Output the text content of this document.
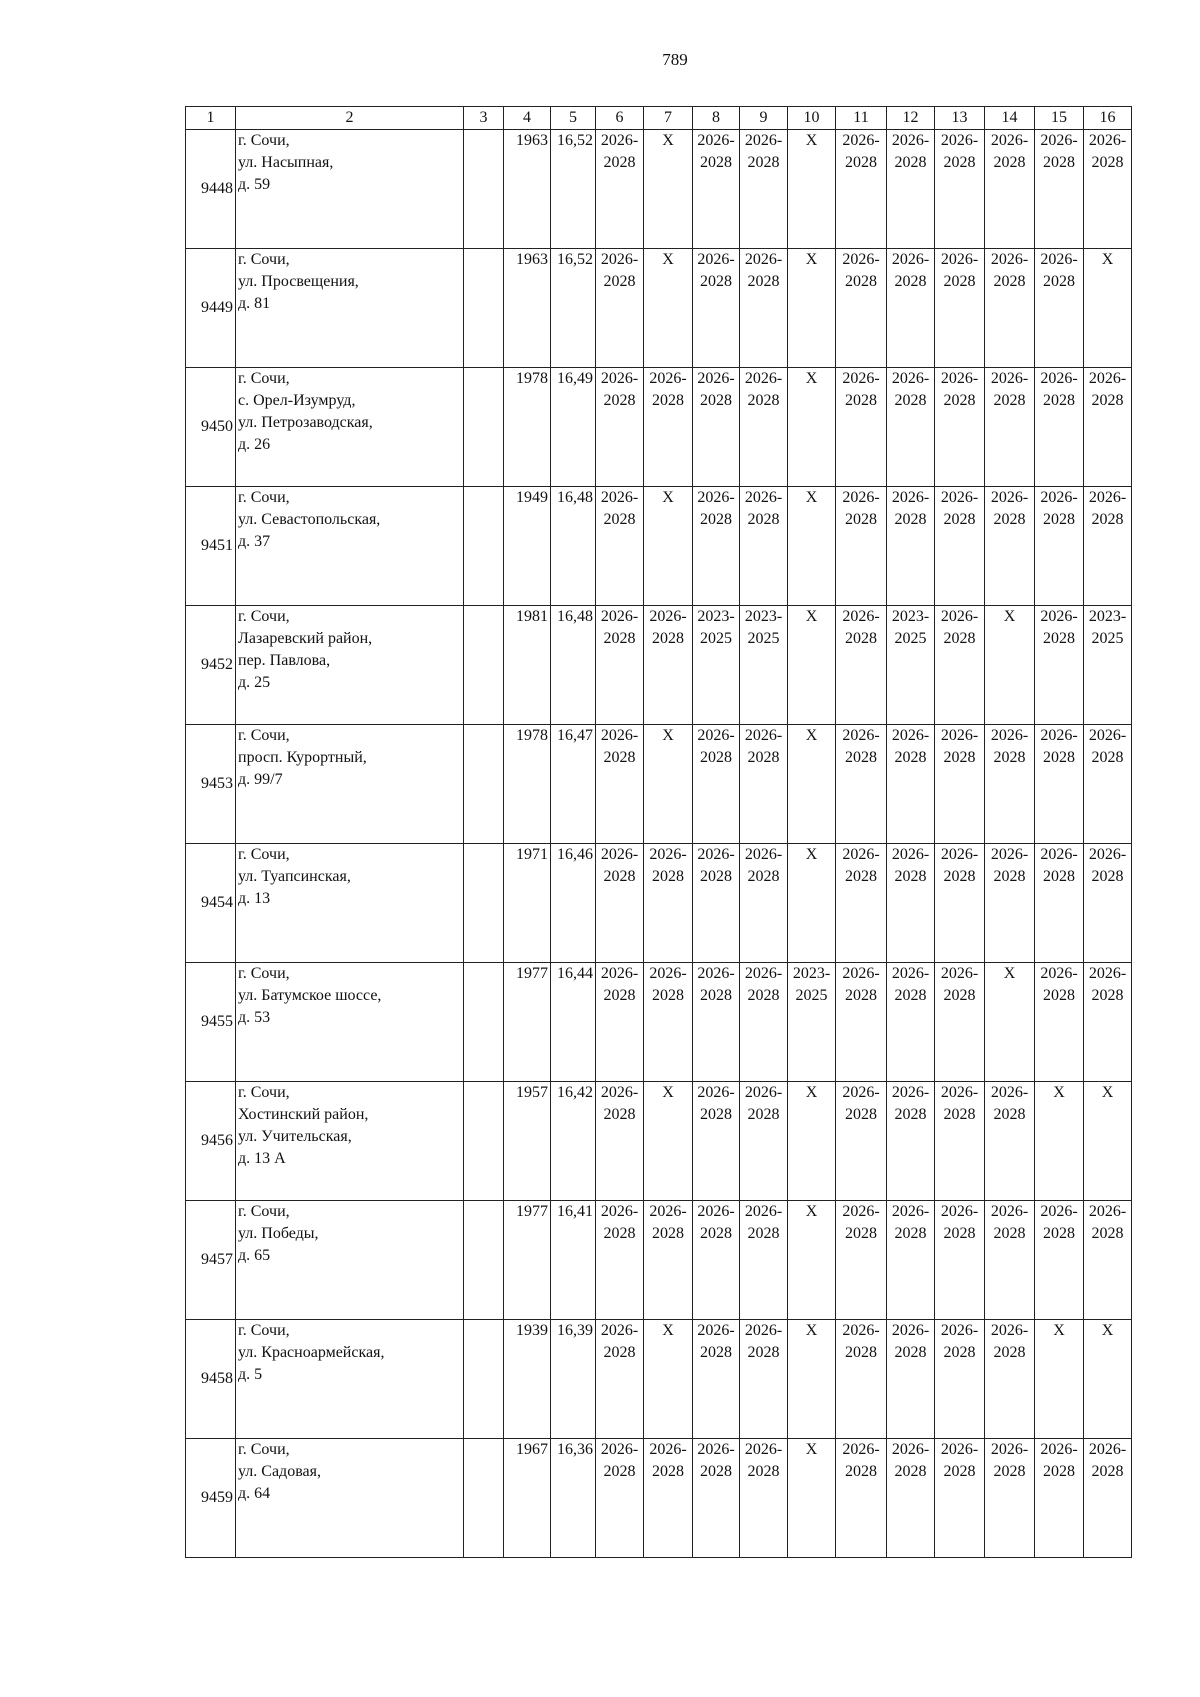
789
1	2	3	4	5	6	7	8	9	10	11	12	13	14	15	16
9448	г. Сочи,
ул. Насыпная,
д. 59		1963	16,52	2026-
2028	X	2026-
2028	2026-
2028	X	2026-
2028	2026-
2028	2026-
2028	2026-
2028	2026-
2028	2026-
2028
9449	г. Сочи,
ул. Просвещения,
д. 81		1963	16,52	2026-
2028	X	2026-
2028	2026-
2028	X	2026-
2028	2026-
2028	2026-
2028	2026-
2028	2026-
2028	X
9450	г. Сочи,
с. Орел-Изумруд,
ул. Петрозаводская,
д. 26		1978	16,49	2026-
2028	2026-
2028	2026-
2028	2026-
2028	X	2026-
2028	2026-
2028	2026-
2028	2026-
2028	2026-
2028	2026-
2028
9451	г. Сочи,
ул. Севастопольская,
д. 37		1949	16,48	2026-
2028	X	2026-
2028	2026-
2028	X	2026-
2028	2026-
2028	2026-
2028	2026-
2028	2026-
2028	2026-
2028
9452	г. Сочи,
Лазаревский район,
пер. Павлова,
д. 25		1981	16,48	2026-
2028	2026-
2028	2023-
2025	2023-
2025	X	2026-
2028	2023-
2025	2026-
2028	X	2026-
2028	2023-
2025
9453	г. Сочи,
просп. Курортный,
д. 99/7		1978	16,47	2026-
2028	X	2026-
2028	2026-
2028	X	2026-
2028	2026-
2028	2026-
2028	2026-
2028	2026-
2028	2026-
2028
9454	г. Сочи,
ул. Туапсинская,
д. 13		1971	16,46	2026-
2028	2026-
2028	2026-
2028	2026-
2028	X	2026-
2028	2026-
2028	2026-
2028	2026-
2028	2026-
2028	2026-
2028
9455	г. Сочи,
ул. Батумское шоссе,
д. 53		1977	16,44	2026-
2028	2026-
2028	2026-
2028	2026-
2028	2023-
2025	2026-
2028	2026-
2028	2026-
2028	X	2026-
2028	2026-
2028
9456	г. Сочи,
Хостинский район,
ул. Учительская,
д. 13 А		1957	16,42	2026-
2028	X	2026-
2028	2026-
2028	X	2026-
2028	2026-
2028	2026-
2028	2026-
2028	X	X
9457	г. Сочи,
ул. Победы,
д. 65		1977	16,41	2026-
2028	2026-
2028	2026-
2028	2026-
2028	X	2026-
2028	2026-
2028	2026-
2028	2026-
2028	2026-
2028	2026-
2028
9458	г. Сочи,
ул. Красноармейская,
д. 5		1939	16,39	2026-
2028	X	2026-
2028	2026-
2028	X	2026-
2028	2026-
2028	2026-
2028	2026-
2028	X	X
9459	г. Сочи,
ул. Садовая,
д. 64		1967	16,36	2026-
2028	2026-
2028	2026-
2028	2026-
2028	X	2026-
2028	2026-
2028	2026-
2028	2026-
2028	2026-
2028	2026-
2028
